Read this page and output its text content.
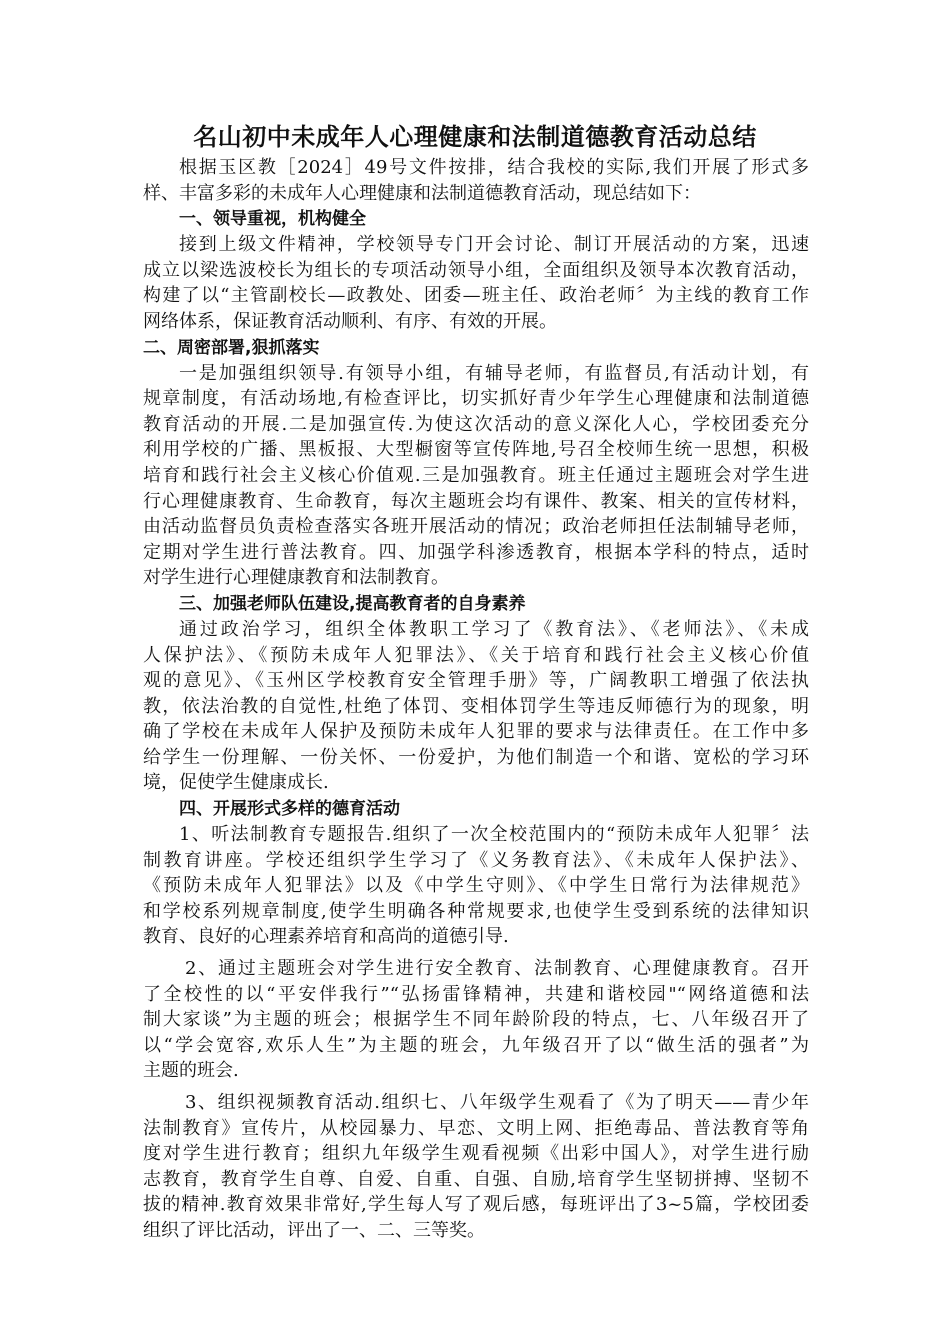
名山初中未成年人心理健康和法制道德教育活动总结
根据玉区教［2024］49号文件按排，结合我校的实际,我们开展了形式多
样、丰富多彩的未成年人心理健康和法制道德教育活动，现总结如下：
一、领导重视，机构健全
接到上级文件精神，学校领导专门开会讨论、制订开展活动的方案，迅速
成立以梁选波校长为组长的专项活动领导小组，全面组织及领导本次教育活动，
构建了以“主管副校长—政教处、团委—班主任、政治老师〞为主线的教育工作
网络体系，保证教育活动顺利、有序、有效的开展。
二、周密部署,狠抓落实
一是加强组织领导.有领导小组，有辅导老师，有监督员,有活动计划，有
规章制度，有活动场地,有检查评比，切实抓好青少年学生心理健康和法制道德
教育活动的开展.二是加强宣传.为使这次活动的意义深化人心，学校团委充分
利用学校的广播、黑板报、大型橱窗等宣传阵地,号召全校师生统一思想，积极
培育和践行社会主义核心价值观.三是加强教育。班主任通过主题班会对学生进
行心理健康教育、生命教育，每次主题班会均有课件、教案、相关的宣传材料，
由活动监督员负责检查落实各班开展活动的情况；政治老师担任法制辅导老师，
定期对学生进行普法教育。四、加强学科渗透教育，根据本学科的特点，适时
对学生进行心理健康教育和法制教育。
三、加强老师队伍建设,提高教育者的自身素养
通过政治学习，组织全体教职工学习了《教育法》、《老师法》、《未成
人保护法》、《预防未成年人犯罪法》、《关于培育和践行社会主义核心价值
观的意见》、《玉州区学校教育安全管理手册》等，广阔教职工增强了依法执
教，依法治教的自觉性,杜绝了体罚、变相体罚学生等违反师德行为的现象，明
确了学校在未成年人保护及预防未成年人犯罪的要求与法律责任。在工作中多
给学生一份理解、一份关怀、一份爱护，为他们制造一个和谐、宽松的学习环
境，促使学生健康成长.
四、开展形式多样的德育活动
1、听法制教育专题报告.组织了一次全校范围内的“预防未成年人犯罪〞法
制教育讲座。学校还组织学生学习了《义务教育法》、《未成年人保护法》、
《预防未成年人犯罪法》以及《中学生守则》、《中学生日常行为法律规范》
和学校系列规章制度,使学生明确各种常规要求,也使学生受到系统的法律知识
教育、良好的心理素养培育和高尚的道德引导.
2、通过主题班会对学生进行安全教育、法制教育、心理健康教育。召开
了全校性的以“平安伴我行”“弘扬雷锋精神，共建和谐校园"“网络道德和法
制大家谈”为主题的班会；根据学生不同年龄阶段的特点，七、八年级召开了
以“学会宽容,欢乐人生”为主题的班会，九年级召开了以“做生活的强者”为
主题的班会.
3、组织视频教育活动.组织七、八年级学生观看了《为了明天——青少年
法制教育》宣传片，从校园暴力、早恋、文明上网、拒绝毒品、普法教育等角
度对学生进行教育；组织九年级学生观看视频《出彩中国人》，对学生进行励
志教育，教育学生自尊、自爱、自重、自强、自励,培育学生坚韧拼搏、坚韧不
拔的精神.教育效果非常好,学生每人写了观后感，每班评出了3~5篇，学校团委
组织了评比活动，评出了一、二、三等奖。
